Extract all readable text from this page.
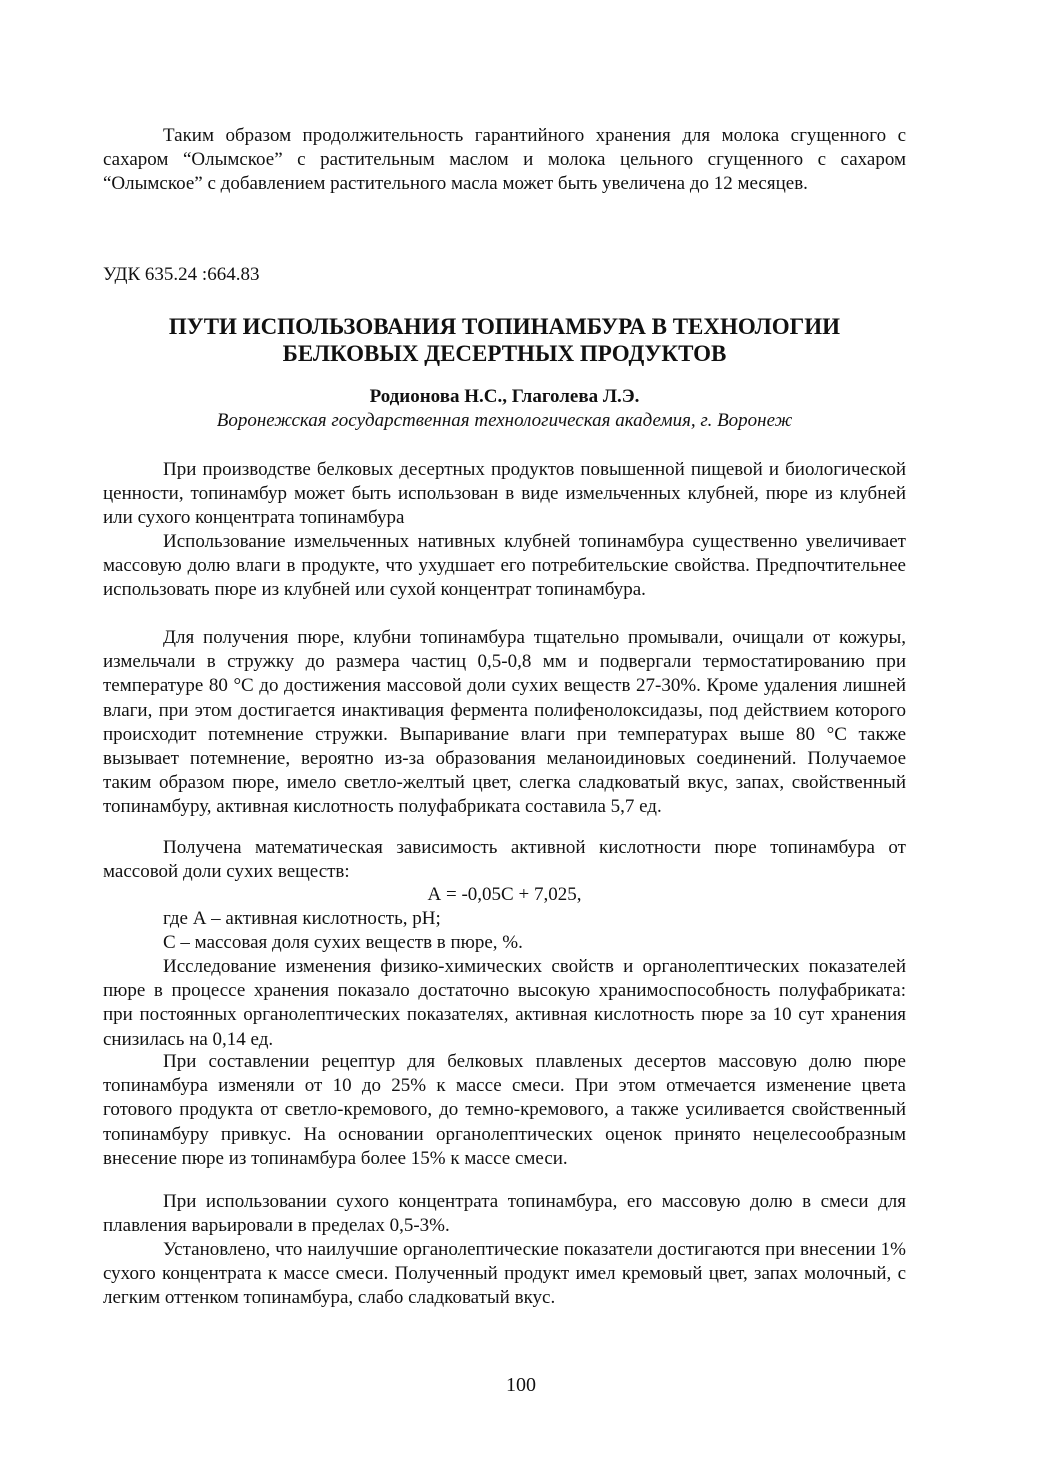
Таким образом продолжительность гарантийного хранения для молока сгущенного с сахаром “Олымское” с растительным маслом и молока цельного сгущенного с сахаром “Олымское” с добавлением растительного масла может быть увеличена до 12 месяцев.

УДК 635.24 :664.83

ПУТИ ИСПОЛЬЗОВАНИЯ ТОПИНАМБУРА В ТЕХНОЛОГИИ
БЕЛКОВЫХ ДЕСЕРТНЫХ ПРОДУКТОВ

Родионова Н.С., Глаголева Л.Э.

Воронежская государственная технологическая академия, г. Воронеж

При производстве белковых десертных продуктов повышенной пищевой и биологической ценности, топинамбур может быть использован в виде измельченных клубней, пюре из клубней или сухого концентрата топинамбура

Использование измельченных нативных клубней топинамбура существенно увеличивает массовую долю влаги в продукте, что ухудшает его потребительские свойства. Предпочтительнее использовать пюре из клубней или сухой концентрат топинамбура.

Для получения пюре, клубни топинамбура тщательно промывали, очищали от кожуры, измельчали в стружку до размера частиц 0,5-0,8 мм и подвергали термостатированию при температуре 80 °С до достижения массовой доли сухих веществ 27-30%. Кроме удаления лишней влаги, при этом достигается инактивация фермента полифенолоксидазы, под действием которого происходит потемнение стружки. Выпаривание влаги при температурах выше 80 °С также вызывает потемнение, вероятно из-за образования меланоидиновых соединений. Получаемое таким образом пюре, имело светло-желтый цвет, слегка сладковатый вкус, запах, свойственный топинамбуру, активная кислотность полуфабриката составила 5,7 ед.

Получена математическая зависимость активной кислотности пюре топинамбура от массовой доли сухих веществ:

А = -0,05С + 7,025,

где А – активная кислотность, рН;

С – массовая доля сухих веществ в пюре, %.

Исследование изменения физико-химических свойств и органолептических показателей пюре в процессе хранения показало достаточно высокую хранимоспособность полуфабриката: при постоянных органолептических показателях, активная кислотность пюре за 10 сут хранения снизилась на 0,14 ед.

При составлении рецептур для белковых плавленых десертов массовую долю пюре топинамбура изменяли от 10 до 25% к массе смеси. При этом отмечается изменение цвета готового продукта от светло-кремового, до темно-кремового, а также усиливается свойственный топинамбуру привкус. На основании органолептических оценок принято нецелесообразным внесение пюре из топинамбура более 15% к массе смеси.

При использовании сухого концентрата топинамбура, его массовую долю в смеси для плавления варьировали в пределах 0,5-3%.

Установлено, что наилучшие органолептические показатели достигаются при внесении 1% сухого концентрата к массе смеси. Полученный продукт имел кремовый цвет, запах молочный, с легким оттенком топинамбура, слабо сладковатый вкус.

100
